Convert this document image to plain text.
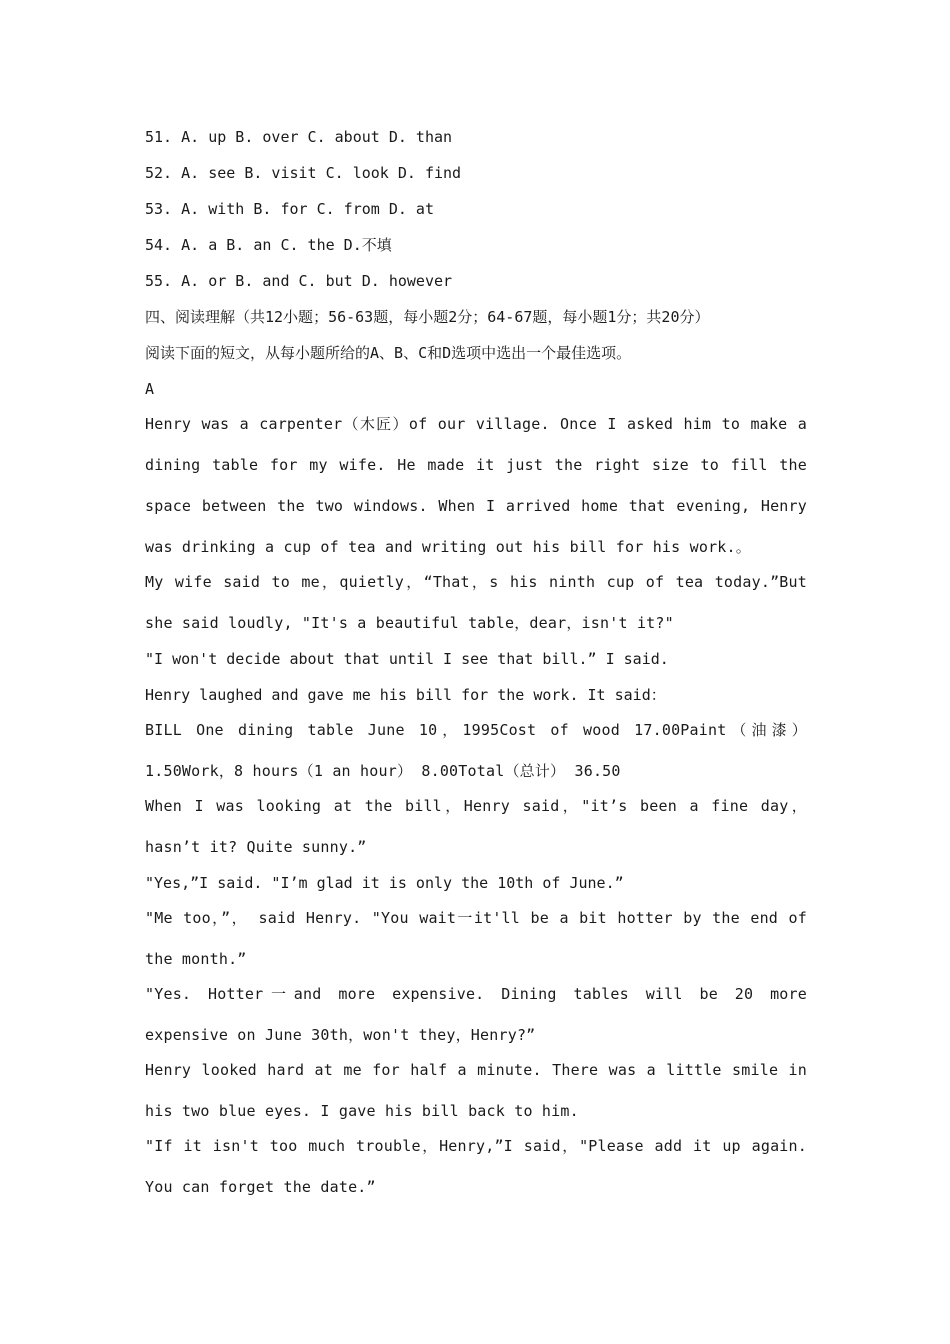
51. A. up B. over C. about D. than
52. A. see B. visit C. look D. find
53. A. with B. for C. from D. at
54. A. a B. an C. the D.不填
55. A. or B. and C. but D. however
四、阅读理解（共12小题；56-63题，每小题2分；64-67题，每小题1分；共20分）
阅读下面的短文，从每小题所给的A、B、C和D选项中选出一个最佳选项。
A
Henry was a carpenter（木匠）of our village. Once I asked him to make a dining table for my wife. He made it just the right size to fill the space between the two windows. When I arrived home that evening, Henry was drinking a cup of tea and writing out his bill for his work.。
My wife said to me，quietly，“That，s his ninth cup of tea today.”But she said loudly, "It's a beautiful table，dear，isn't it?"
"I won't decide about that until I see that bill.” I said.
Henry laughed and gave me his bill for the work. It said：
BILL One dining table June 10，1995Cost of wood 17.00Paint（油漆） 1.50Work，8 hours（1 an hour） 8.00Total（总计） 36.50
When I was looking at the bill，Henry said，"it’s been a fine day，hasn’t it? Quite sunny.”
"Yes,”I said. "I’m glad it is only the 10th of June.”
"Me too，”， said Henry. "You wait一it'll be a bit hotter by the end of the month.”
"Yes. Hotter一and more expensive. Dining tables will be 20 more expensive on June 30th，won't they，Henry?”
Henry looked hard at me for half a minute. There was a little smile in his two blue eyes. I gave his bill back to him.
"If it isn't too much trouble，Henry,”I said，"Please add it up again. You can forget the date.”
